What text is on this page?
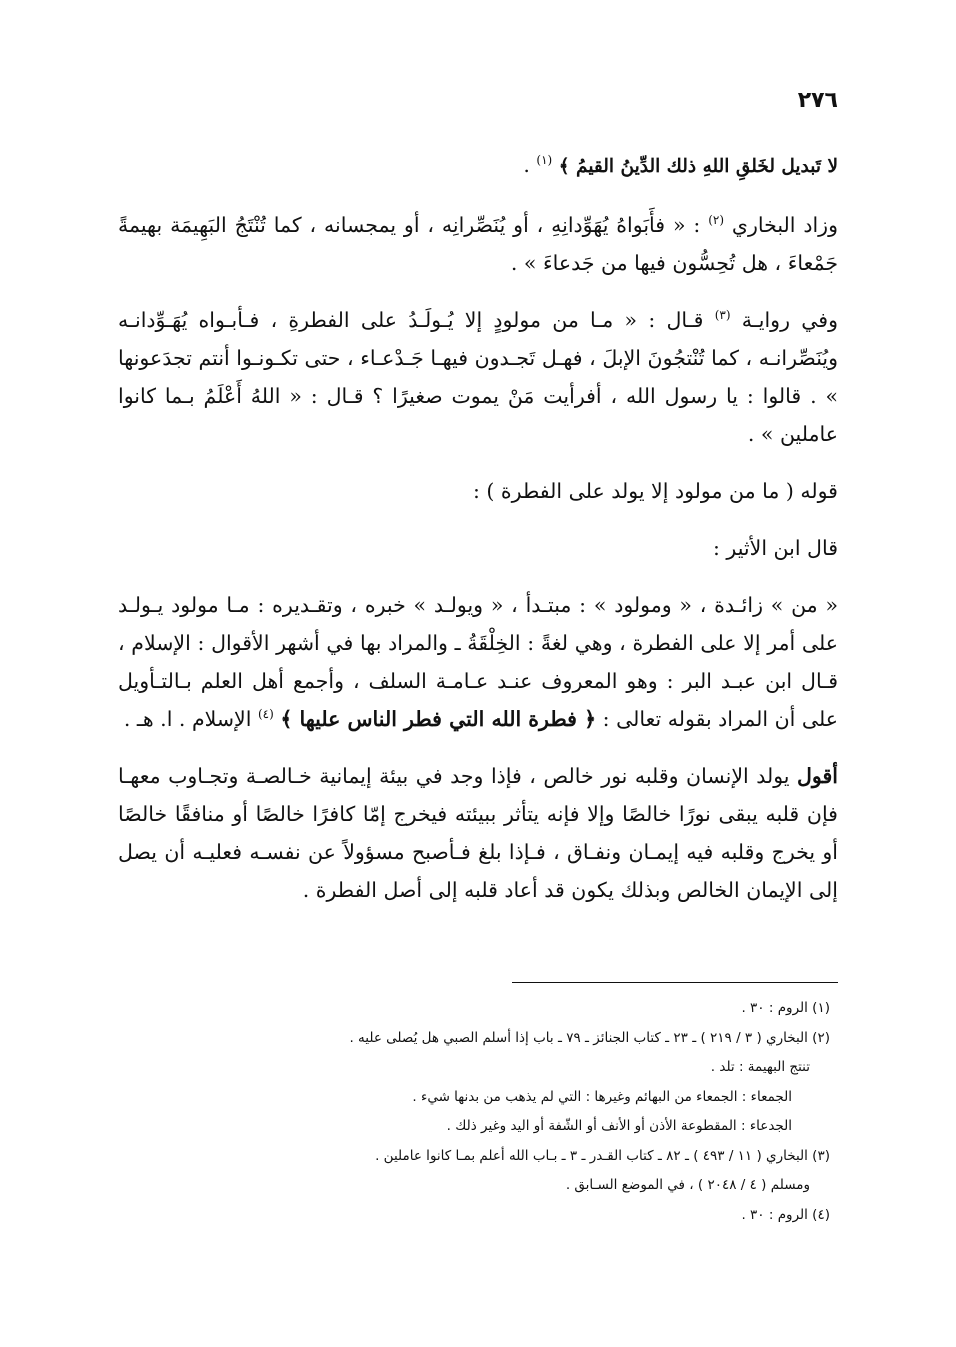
٢٧٦

لا تَبديل لخَلقِ اللهِ ذلك الدِّينُ القيمُ ﴾ $^{(١)}$ .

وزاد البخاري $^{(٢)}$ : « فأَبَواهُ يُهَوِّدانِهِ ، أو يُنَصِّرانِه ، أو يمجسانه ، كما تُنْتَجُ البَهِيمَة بهيمةً جَمْعاءَ ، هل تُحِسُّون فيها من جَدعاءَ » .

وفي روايـة $^{(٣)}$ قـال : « مـا من مولودٍ إلا يُـولَـدُ على الفطرةِ ، فـأبـواه يُهَـوِّدانـه ويُنَصِّرانـه ، كما تُنْتجُونَ الإبلَ ، فهـل تَجـدون فيهـا جَـدْعـاء ، حتى تكـونـوا أنتم تجدَعونها » . قالوا : يا رسول الله ، أفرأيت مَنْ يموت صغيرًا ؟ قـال : « اللهُ أَعْلَمُ بـما كانوا عاملين » .

قوله ( ما من مولود إلا يولد على الفطرة ) :

قال ابن الأثير :

« من » زائـدة ، « ومولود » : مبتـدأ ، « ويولـد » خبره ، وتقـديره : مـا مولود يـولـد على أمر إلا على الفطرة ، وهي لغةً : الخِلْقَةُ ـ والمراد بها في أشهر الأقوال : الإسلام ، قـال ابن عبـد البر : وهو المعروف عنـد عـامـة السلف ، وأجمع أهل العلم بـالتـأويل على أن المراد بقوله تعالى : ﴿ فطرة الله التي فطر الناس عليها ﴾ $^{(٤)}$ الإسلام . ا. هـ .

أقول يولد الإنسان وقلبه نور خالص ، فإذا وجد في بيئة إيمانية خـالصـة وتجـاوب معهـا فإن قلبه يبقى نورًا خالصًا وإلا فإنه يتأثر ببيئته فيخرج إمّا كافرًا خالصًا أو منافقًا خالصًا أو يخرج وقلبه فيه إيمـان ونفـاق ، فـإذا بلغ فـأصبح مسؤولاً عن نفسـه فعليـه أن يصل إلى الإيمان الخالص وبذلك يكون قد أعاد قلبه إلى أصل الفطرة .

(١) الروم : ٣٠ .

(٢) البخاري ( ٣ / ٢١٩ ) ـ ٢٣ ـ كتاب الجنائز ـ ٧٩ ـ باب إذا أسلم الصبي هل يُصلى عليه .

تنتج البهيمة : تلد .

الجمعاء : الجمعاء من البهائم وغيرها : التي لم يذهب من بدنها شيء .

الجدعاء : المقطوعة الأذن أو الأنف أو الشّفة أو اليد وغير ذلك .

(٣) البخاري ( ١١ / ٤٩٣ ) ـ ٨٢ ـ كتاب القـدر ـ ٣ ـ بـاب الله أعلم بمـا كانوا عاملين .

ومسلم ( ٤ / ٢٠٤٨ ) ، في الموضع السـابق .

(٤) الروم : ٣٠ .
